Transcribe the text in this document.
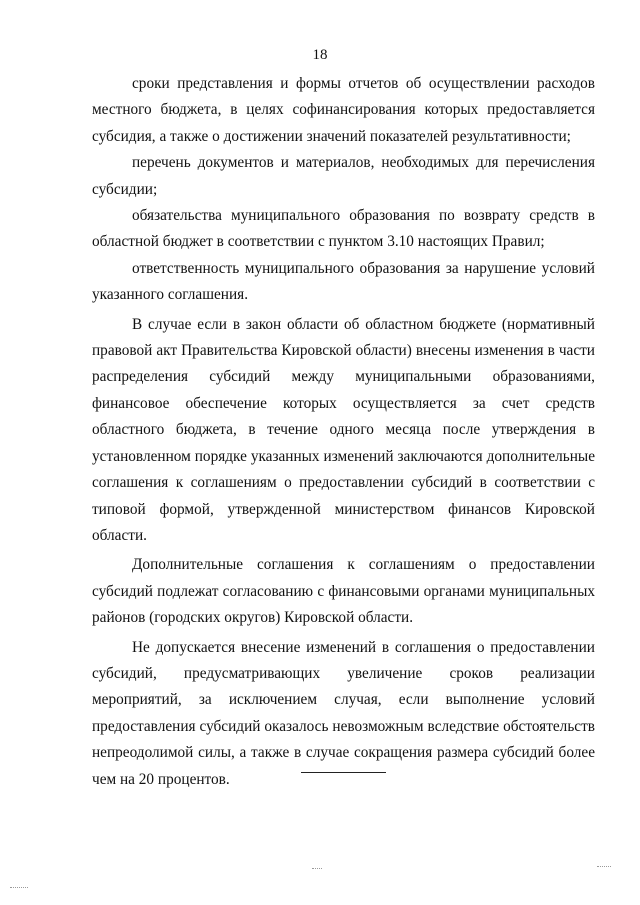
18

сроки представления и формы отчетов об осуществлении расходов местного бюджета, в целях софинансирования которых предоставляется субсидия, а также о достижении значений показателей результативности;

перечень документов и материалов, необходимых для перечисления субсидии;

обязательства муниципального образования по возврату средств в областной бюджет в соответствии с пунктом 3.10 настоящих Правил;

ответственность муниципального образования за нарушение условий указанного соглашения.

В случае если в закон области об областном бюджете (нормативный правовой акт Правительства Кировской области) внесены изменения в части распределения субсидий между муниципальными образованиями, финансовое обеспечение которых осуществляется за счет средств областного бюджета, в течение одного месяца после утверждения в установленном порядке указанных изменений заключаются дополнительные соглашения к соглашениям о предоставлении субсидий в соответствии с типовой формой, утвержденной министерством финансов Кировской области.

Дополнительные соглашения к соглашениям о предоставлении субсидий подлежат согласованию с финансовыми органами муниципальных районов (городских округов) Кировской области.

Не допускается внесение изменений в соглашения о предоставлении субсидий, предусматривающих увеличение сроков реализации мероприятий, за исключением случая, если выполнение условий предоставления субсидий оказалось невозможным вследствие обстоятельств непреодолимой силы, а также в случае сокращения размера субсидий более чем на 20 процентов.
